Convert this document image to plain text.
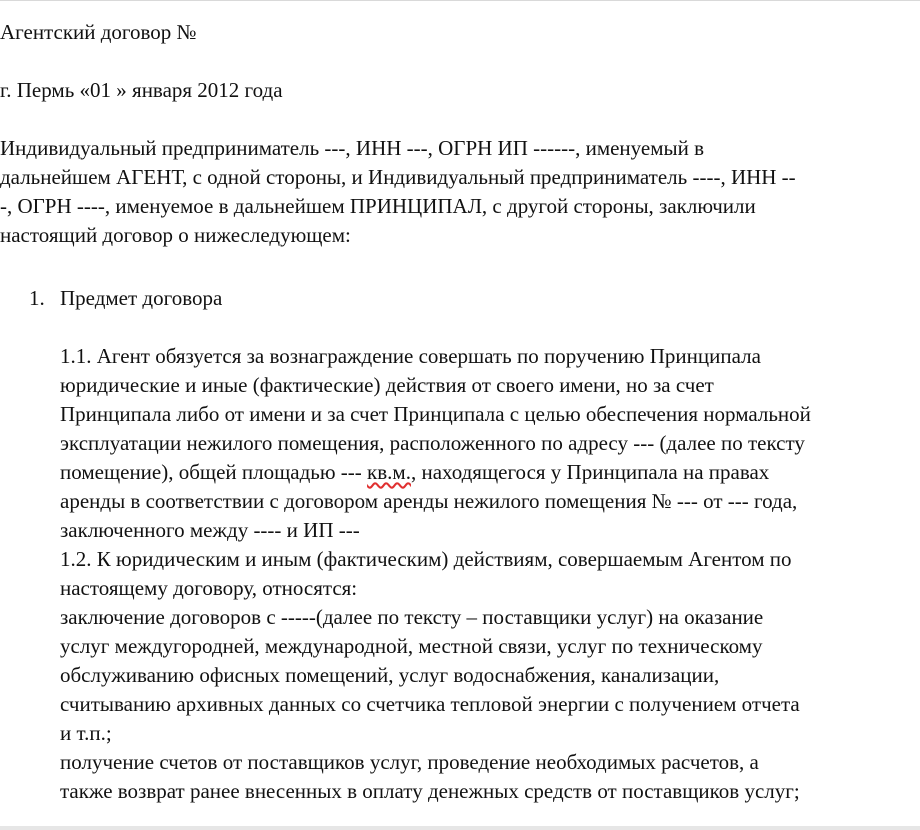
Агентский договор №
г. Пермь «01 » января 2012 года
Индивидуальный предприниматель ---, ИНН ---, ОГРН ИП ------, именуемый в
дальнейшем АГЕНТ, с одной стороны, и Индивидуальный предприниматель ----, ИНН --
-, ОГРН ----, именуемое в дальнейшем ПРИНЦИПАЛ, с другой стороны, заключили
настоящий договор о нижеследующем:
1. Предмет договора
1.1. Агент обязуется за вознаграждение совершать по поручению Принципала
юридические и иные (фактические) действия от своего имени, но за счет
Принципала либо от имени и за счет Принципала с целью обеспечения нормальной
эксплуатации нежилого помещения, расположенного по адресу --- (далее по тексту
помещение), общей площадью --- кв.м., находящегося у Принципала на правах
аренды в соответствии с договором аренды нежилого помещения № --- от --- года,
заключенного между ---- и ИП ---
1.2. К юридическим и иным (фактическим) действиям, совершаемым Агентом по
настоящему договору, относятся:
заключение договоров с -----(далее по тексту – поставщики услуг) на оказание
услуг междугородней, международной, местной связи, услуг по техническому
обслуживанию офисных помещений, услуг водоснабжения, канализации,
считыванию архивных данных со счетчика тепловой энергии с получением отчета
и т.п.;
получение счетов от поставщиков услуг, проведение необходимых расчетов, а
также возврат ранее внесенных в оплату денежных средств от поставщиков услуг;
